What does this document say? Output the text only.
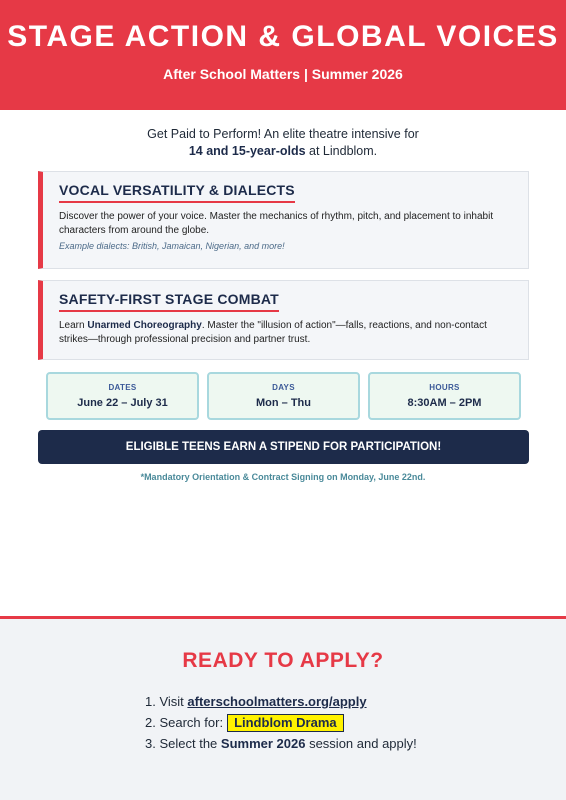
STAGE ACTION & GLOBAL VOICES
After School Matters | Summer 2026
Get Paid to Perform! An elite theatre intensive for
14 and 15-year-olds at Lindblom.
VOCAL VERSATILITY & DIALECTS
Discover the power of your voice. Master the mechanics of rhythm, pitch, and placement to inhabit characters from around the globe.
Example dialects: British, Jamaican, Nigerian, and more!
SAFETY-FIRST STAGE COMBAT
Learn Unarmed Choreography. Master the "illusion of action"—falls, reactions, and non-contact strikes—through professional precision and partner trust.
DATES
June 22 – July 31
DAYS
Mon – Thu
HOURS
8:30AM – 2PM
ELIGIBLE TEENS EARN A STIPEND FOR PARTICIPATION!
*Mandatory Orientation & Contract Signing on Monday, June 22nd.
READY TO APPLY?
1. Visit afterschoolmatters.org/apply
2. Search for: Lindblom Drama
3. Select the Summer 2026 session and apply!
